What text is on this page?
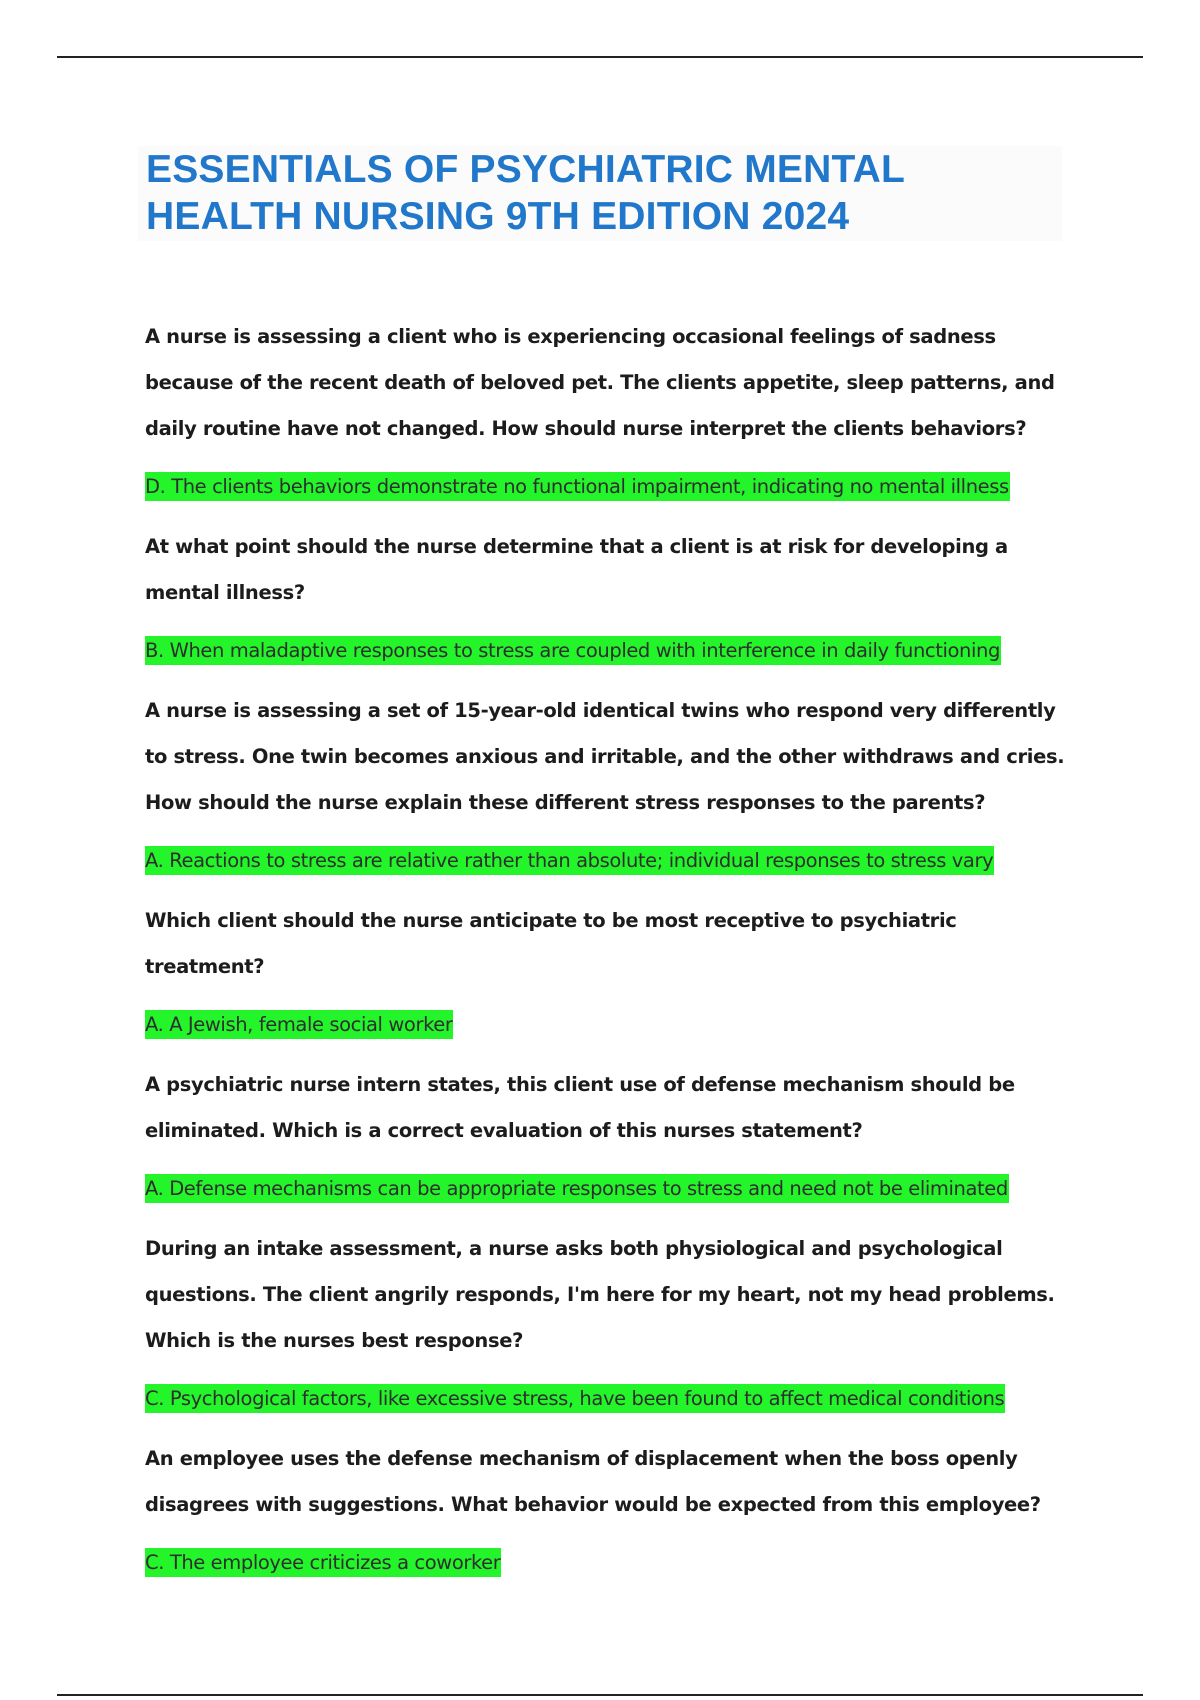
ESSENTIALS OF PSYCHIATRIC MENTAL HEALTH NURSING 9TH EDITION 2024

A nurse is assessing a client who is experiencing occasional feelings of sadness because of the recent death of beloved pet. The clients appetite, sleep patterns, and daily routine have not changed. How should nurse interpret the clients behaviors?

D. The clients behaviors demonstrate no functional impairment, indicating no mental illness

At what point should the nurse determine that a client is at risk for developing a mental illness?

B. When maladaptive responses to stress are coupled with interference in daily functioning

A nurse is assessing a set of 15-year-old identical twins who respond very differently to stress. One twin becomes anxious and irritable, and the other withdraws and cries. How should the nurse explain these different stress responses to the parents?

A. Reactions to stress are relative rather than absolute; individual responses to stress vary

Which client should the nurse anticipate to be most receptive to psychiatric treatment?

A. A Jewish, female social worker

A psychiatric nurse intern states, this client use of defense mechanism should be eliminated. Which is a correct evaluation of this nurses statement?

A. Defense mechanisms can be appropriate responses to stress and need not be eliminated

During an intake assessment, a nurse asks both physiological and psychological questions. The client angrily responds, I'm here for my heart, not my head problems. Which is the nurses best response?

C. Psychological factors, like excessive stress, have been found to affect medical conditions

An employee uses the defense mechanism of displacement when the boss openly disagrees with suggestions. What behavior would be expected from this employee?

C. The employee criticizes a coworker
